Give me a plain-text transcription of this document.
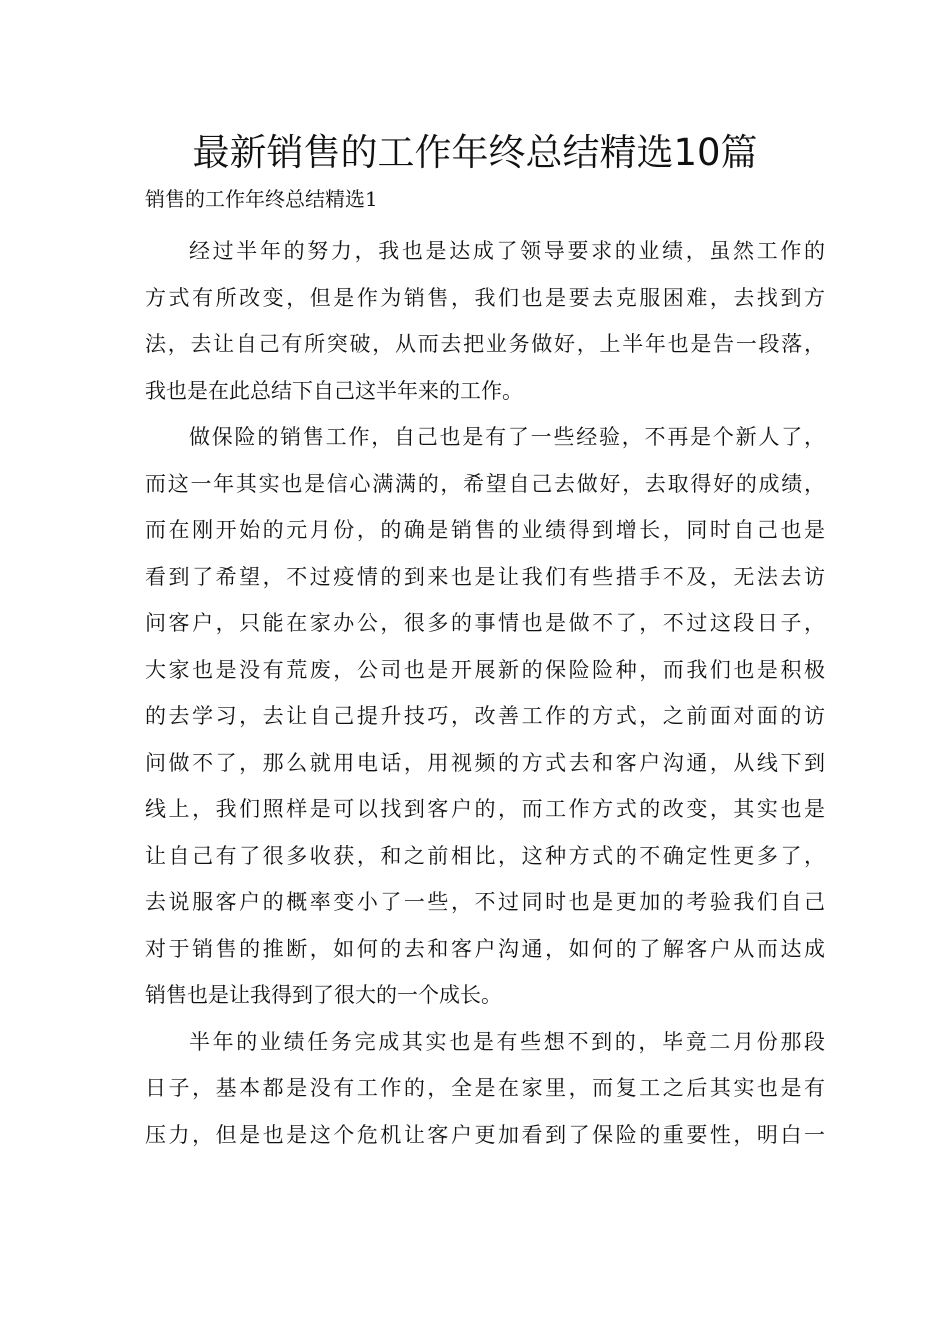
最新销售的工作年终总结精选10篇

销售的工作年终总结精选1

经过半年的努力，我也是达成了领导要求的业绩，虽然工作的
方式有所改变，但是作为销售，我们也是要去克服困难，去找到方
法，去让自己有所突破，从而去把业务做好，上半年也是告一段落，
我也是在此总结下自己这半年来的工作。
做保险的销售工作，自己也是有了一些经验，不再是个新人了，
而这一年其实也是信心满满的，希望自己去做好，去取得好的成绩，
而在刚开始的元月份，的确是销售的业绩得到增长，同时自己也是
看到了希望，不过疫情的到来也是让我们有些措手不及，无法去访
问客户，只能在家办公，很多的事情也是做不了，不过这段日子，
大家也是没有荒废，公司也是开展新的保险险种，而我们也是积极
的去学习，去让自己提升技巧，改善工作的方式，之前面对面的访
问做不了，那么就用电话，用视频的方式去和客户沟通，从线下到
线上，我们照样是可以找到客户的，而工作方式的改变，其实也是
让自己有了很多收获，和之前相比，这种方式的不确定性更多了，
去说服客户的概率变小了一些，不过同时也是更加的考验我们自己
对于销售的推断，如何的去和客户沟通，如何的了解客户从而达成
销售也是让我得到了很大的一个成长。
半年的业绩任务完成其实也是有些想不到的，毕竟二月份那段
日子，基本都是没有工作的，全是在家里，而复工之后其实也是有
压力，但是也是这个危机让客户更加看到了保险的重要性，明白一
